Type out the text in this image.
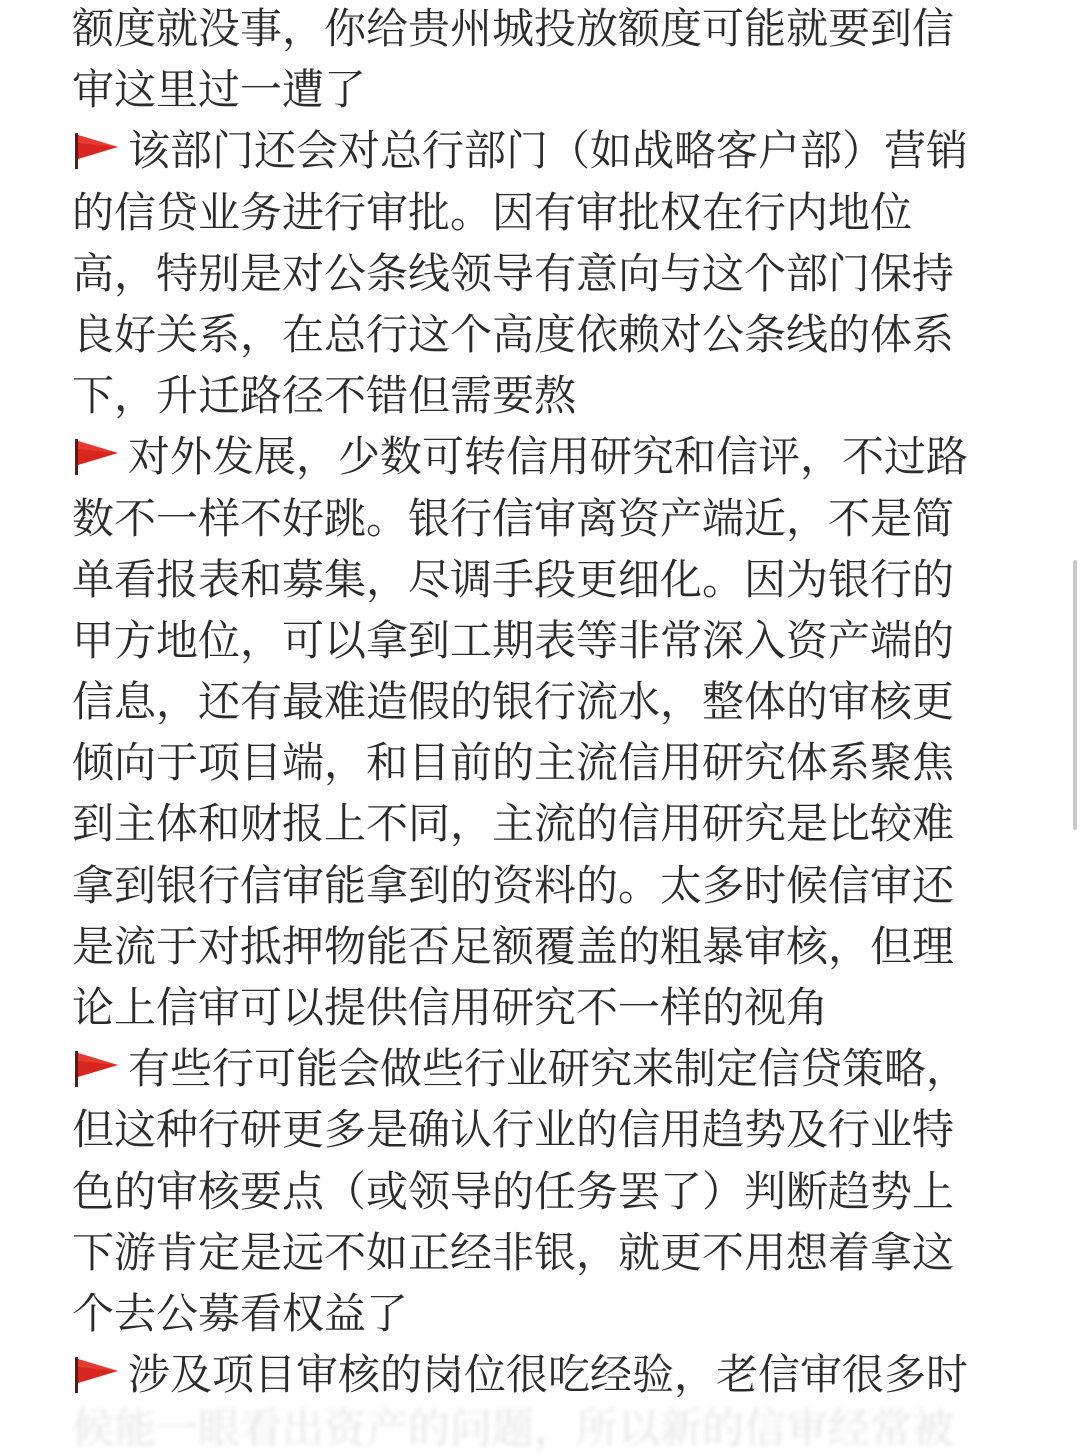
额度就没事，你给贵州城投放额度可能就要到信
审这里过一遭了
该部门还会对总行部门（如战略客户部）营销
的信贷业务进行审批。因有审批权在行内地位
高，特别是对公条线领导有意向与这个部门保持
良好关系，在总行这个高度依赖对公条线的体系
下，升迁路径不错但需要熬
对外发展，少数可转信用研究和信评，不过路
数不一样不好跳。银行信审离资产端近，不是简
单看报表和募集，尽调手段更细化。因为银行的
甲方地位，可以拿到工期表等非常深入资产端的
信息，还有最难造假的银行流水，整体的审核更
倾向于项目端，和目前的主流信用研究体系聚焦
到主体和财报上不同，主流的信用研究是比较难
拿到银行信审能拿到的资料的。太多时候信审还
是流于对抵押物能否足额覆盖的粗暴审核，但理
论上信审可以提供信用研究不一样的视角
有些行可能会做些行业研究来制定信贷策略，
但这种行研更多是确认行业的信用趋势及行业特
色的审核要点（或领导的任务罢了）判断趋势上
下游肯定是远不如正经非银，就更不用想着拿这
个去公募看权益了
涉及项目审核的岗位很吃经验，老信审很多时
候能一眼看出资产的问题，所以新的信审经常被
